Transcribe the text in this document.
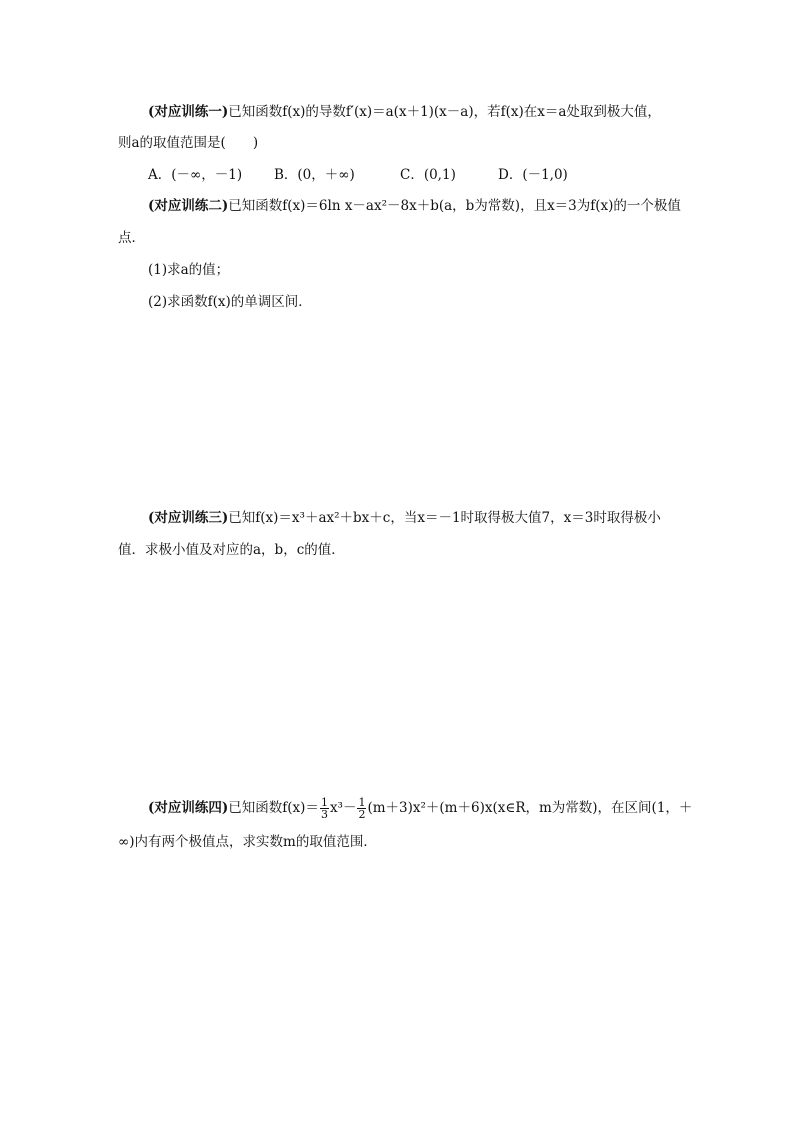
(对应训练一)已知函数f(x)的导数f′(x)＝a(x＋1)(x－a)，若f(x)在x＝a处取到极大值，
则a的取值范围是(　　)
A．(－∞，－1) B．(0，＋∞)	C．(0,1)	D．(－1,0)
(对应训练二)已知函数f(x)＝6ln x－ax²－8x＋b(a，b为常数)，且x＝3为f(x)的一个极值
点．
(1)求a的值；
(2)求函数f(x)的单调区间．
(对应训练三)已知f(x)＝x³＋ax²＋bx＋c，当x＝－1时取得极大值7，x＝3时取得极小
值．求极小值及对应的a，b，c的值．
(对应训练四)已知函数$f(x)= \frac{1}{3} x^3- \frac{1}{2}$ (m＋3)x²＋(m＋6)x(x∈R，m为常数)，在区间(1，＋
∞)内有两个极值点，求实数m的取值范围．
